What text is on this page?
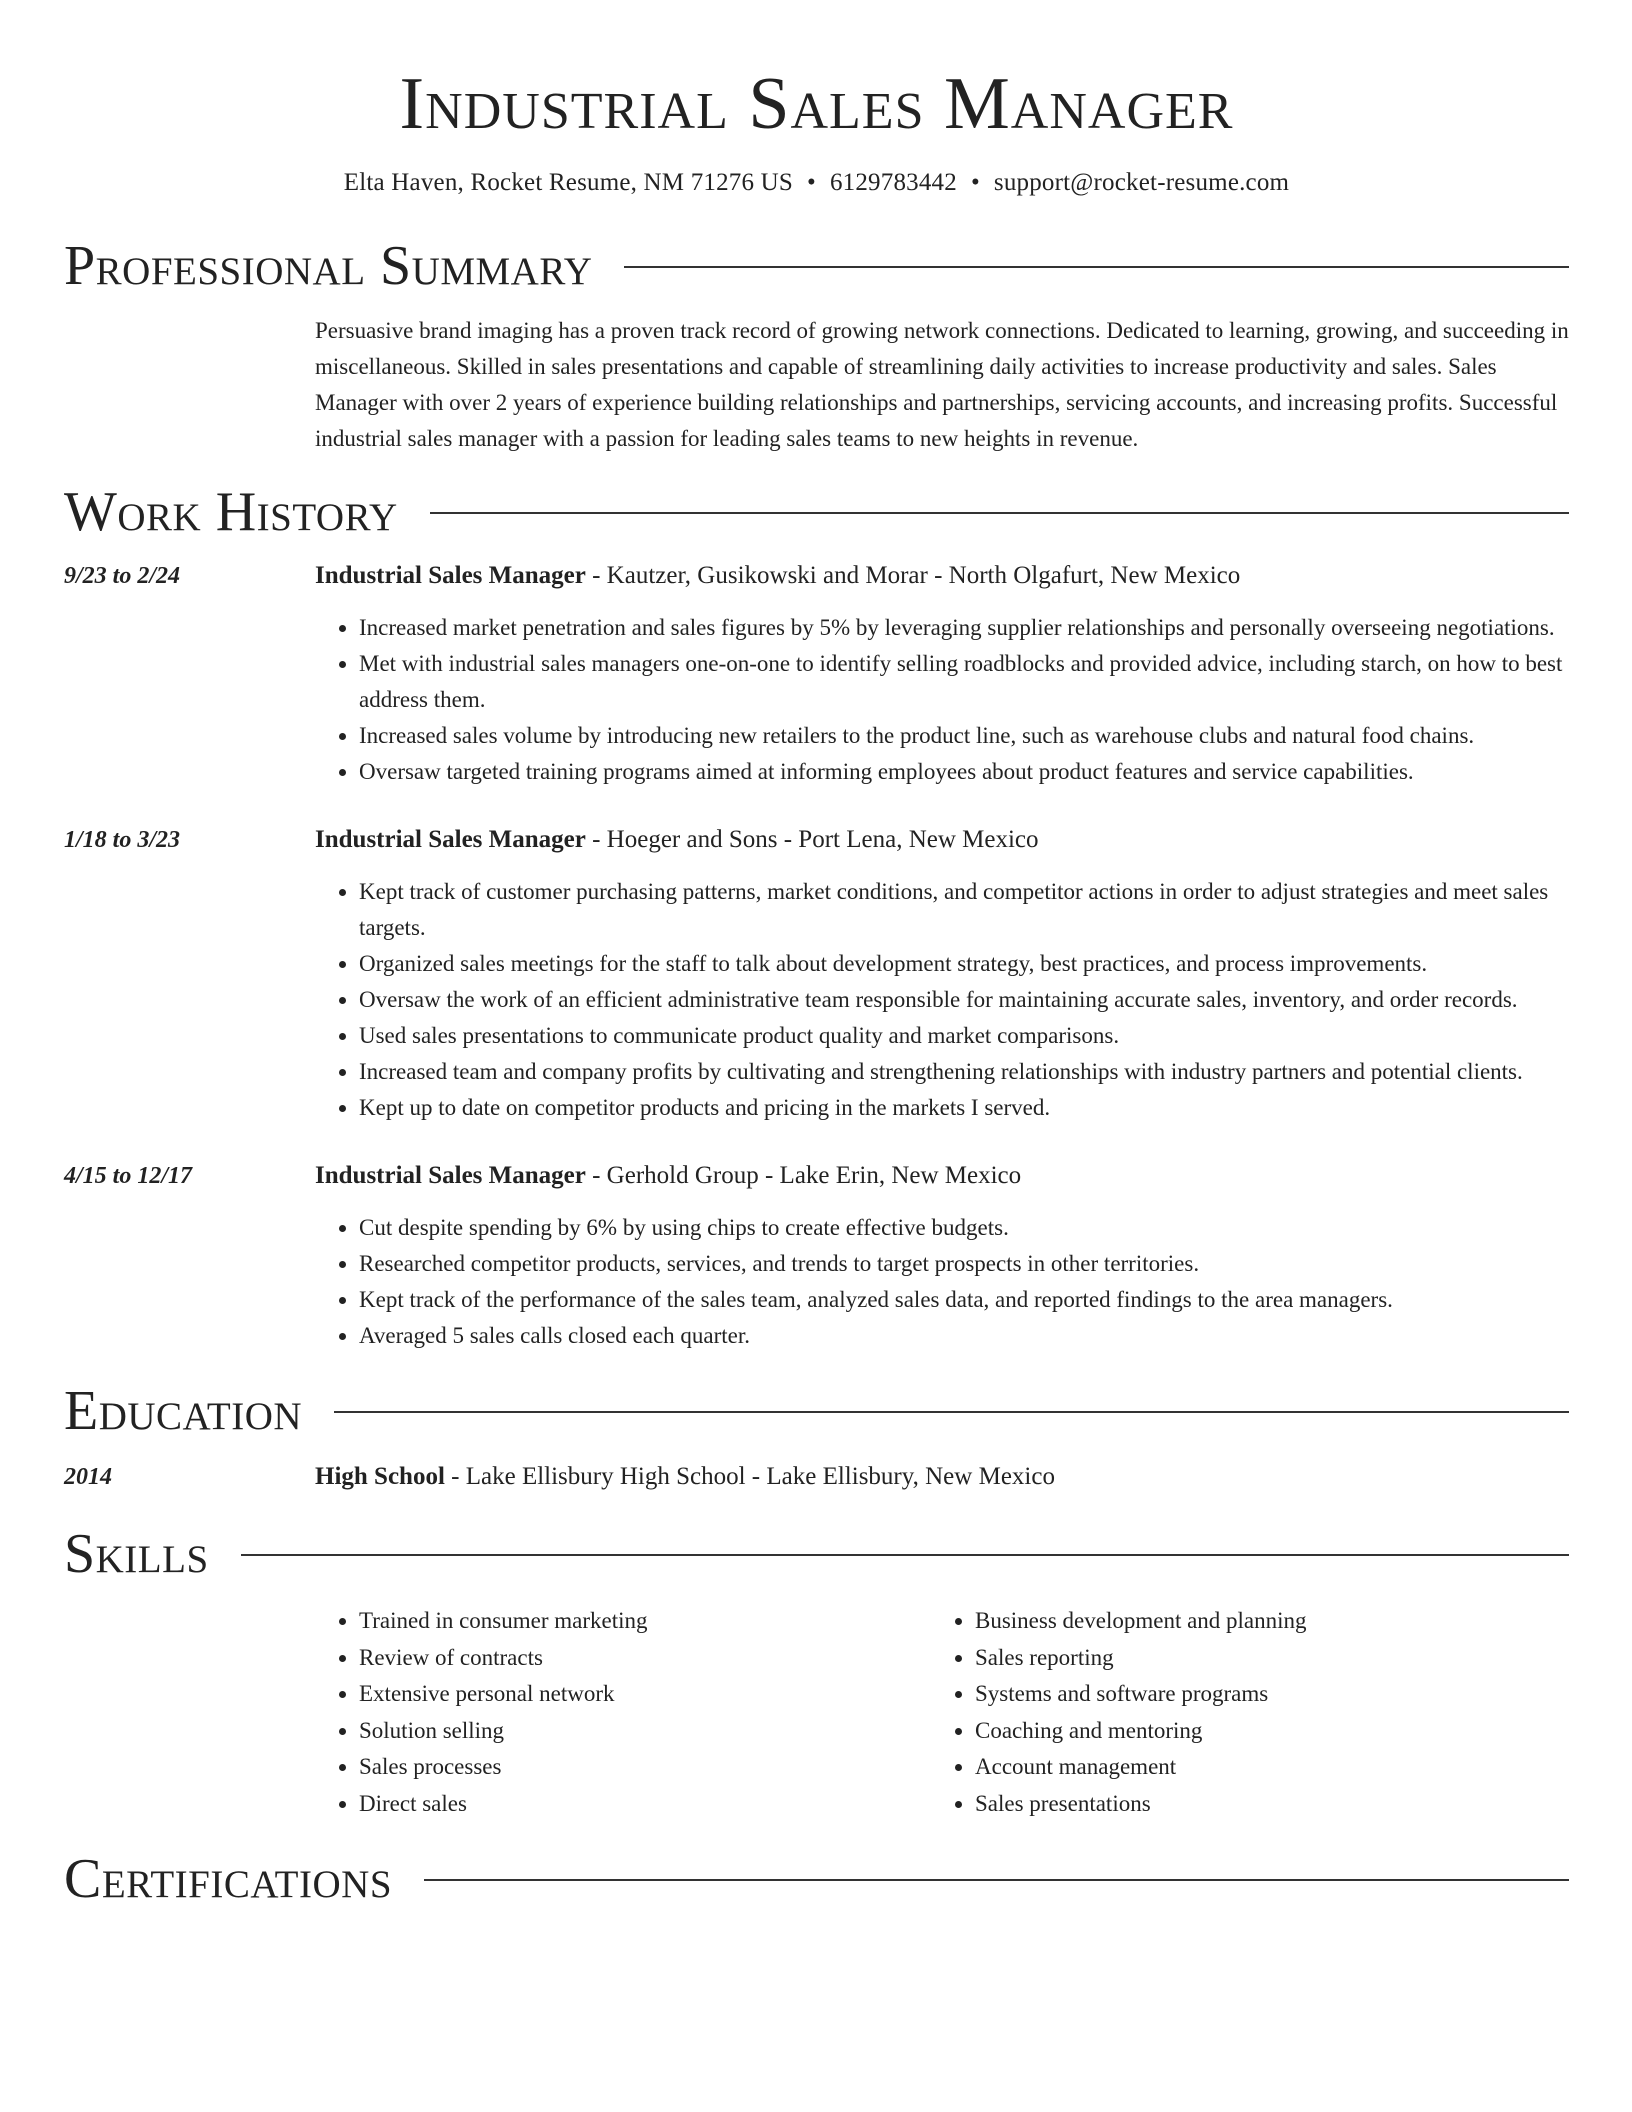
Industrial Sales Manager
Elta Haven, Rocket Resume, NM 71276 US • 6129783442 • support@rocket-resume.com
Professional Summary
Persuasive brand imaging has a proven track record of growing network connections. Dedicated to learning, growing, and succeeding in miscellaneous. Skilled in sales presentations and capable of streamlining daily activities to increase productivity and sales. Sales Manager with over 2 years of experience building relationships and partnerships, servicing accounts, and increasing profits. Successful industrial sales manager with a passion for leading sales teams to new heights in revenue.
Work History
9/23 to 2/24	Industrial Sales Manager - Kautzer, Gusikowski and Morar - North Olgafurt, New Mexico
• Increased market penetration and sales figures by 5% by leveraging supplier relationships and personally overseeing negotiations.
• Met with industrial sales managers one-on-one to identify selling roadblocks and provided advice, including starch, on how to best address them.
• Increased sales volume by introducing new retailers to the product line, such as warehouse clubs and natural food chains.
• Oversaw targeted training programs aimed at informing employees about product features and service capabilities.
1/18 to 3/23	Industrial Sales Manager - Hoeger and Sons - Port Lena, New Mexico
• Kept track of customer purchasing patterns, market conditions, and competitor actions in order to adjust strategies and meet sales targets.
• Organized sales meetings for the staff to talk about development strategy, best practices, and process improvements.
• Oversaw the work of an efficient administrative team responsible for maintaining accurate sales, inventory, and order records.
• Used sales presentations to communicate product quality and market comparisons.
• Increased team and company profits by cultivating and strengthening relationships with industry partners and potential clients.
• Kept up to date on competitor products and pricing in the markets I served.
4/15 to 12/17	Industrial Sales Manager - Gerhold Group - Lake Erin, New Mexico
• Cut despite spending by 6% by using chips to create effective budgets.
• Researched competitor products, services, and trends to target prospects in other territories.
• Kept track of the performance of the sales team, analyzed sales data, and reported findings to the area managers.
• Averaged 5 sales calls closed each quarter.
Education
2014	High School - Lake Ellisbury High School - Lake Ellisbury, New Mexico
Skills
• Trained in consumer marketing
• Review of contracts
• Extensive personal network
• Solution selling
• Sales processes
• Direct sales
• Business development and planning
• Sales reporting
• Systems and software programs
• Coaching and mentoring
• Account management
• Sales presentations
Certifications
